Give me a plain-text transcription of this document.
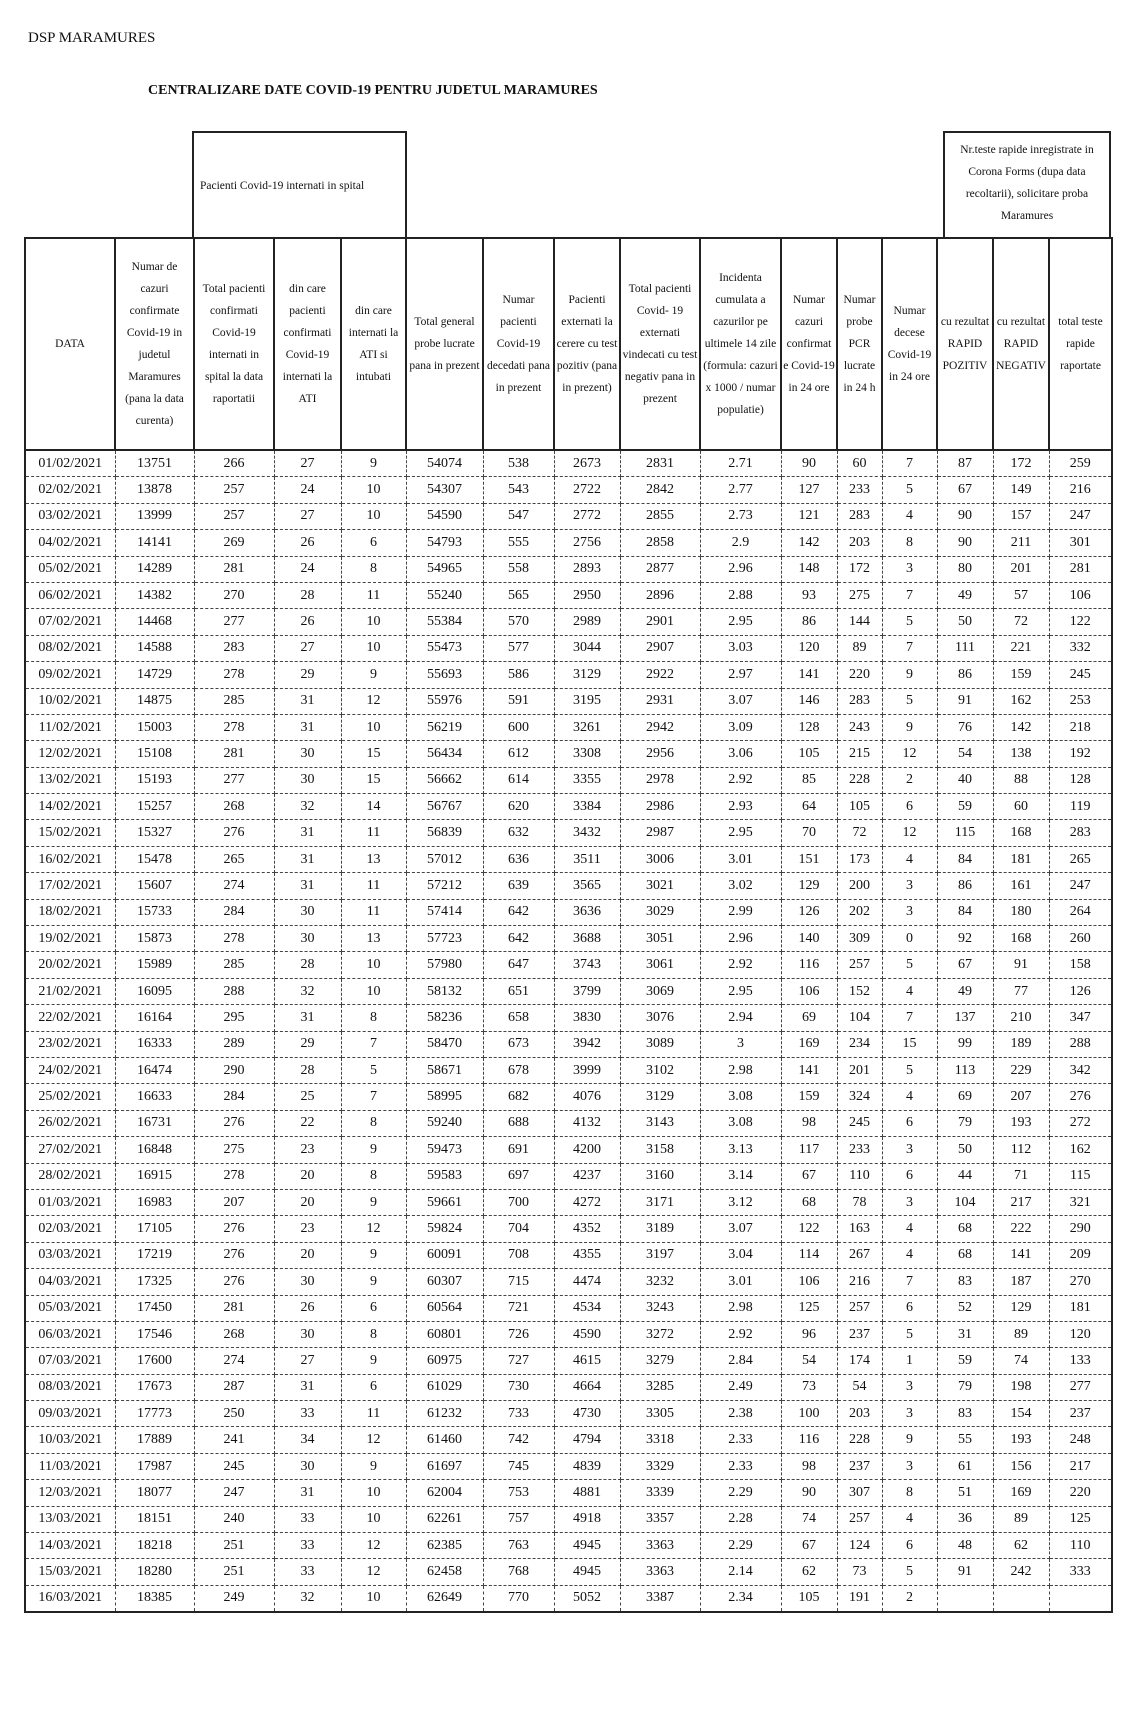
DSP MARAMURES
CENTRALIZARE DATE COVID-19 PENTRU JUDETUL MARAMURES
Pacienti Covid-19 internati in spital
Nr.teste rapide inregistrate in Corona Forms (dupa data recoltarii), solicitare proba Maramures
DATA	Numar de cazuri confirmate Covid-19 in judetul Maramures (pana la data curenta)	Total pacienti confirmati Covid-19 internati in spital la data raportatii	din care pacienti confirmati Covid-19 internati la ATI	din care internati la ATI si intubati	Total general probe lucrate pana in prezent	Numar pacienti Covid-19 decedati pana in prezent	Pacienti externati la cerere cu test pozitiv (pana in prezent)	Total pacienti Covid- 19 externati vindecati cu test negativ pana in prezent	Incidenta cumulata a cazurilor pe ultimele 14 zile (formula: cazuri x 1000 / numar populatie)	Numar cazuri confirmat e Covid-19 in 24 ore	Numar probe PCR lucrate in 24 h	Numar decese Covid-19 in 24 ore	cu rezultat RAPID POZITIV	cu rezultat RAPID NEGATIV	total teste rapide raportate
01/02/2021	13751	266	27	9	54074	538	2673	2831	2.71	90	60	7	87	172	259
02/02/2021	13878	257	24	10	54307	543	2722	2842	2.77	127	233	5	67	149	216
03/02/2021	13999	257	27	10	54590	547	2772	2855	2.73	121	283	4	90	157	247
04/02/2021	14141	269	26	6	54793	555	2756	2858	2.9	142	203	8	90	211	301
05/02/2021	14289	281	24	8	54965	558	2893	2877	2.96	148	172	3	80	201	281
06/02/2021	14382	270	28	11	55240	565	2950	2896	2.88	93	275	7	49	57	106
07/02/2021	14468	277	26	10	55384	570	2989	2901	2.95	86	144	5	50	72	122
08/02/2021	14588	283	27	10	55473	577	3044	2907	3.03	120	89	7	111	221	332
09/02/2021	14729	278	29	9	55693	586	3129	2922	2.97	141	220	9	86	159	245
10/02/2021	14875	285	31	12	55976	591	3195	2931	3.07	146	283	5	91	162	253
11/02/2021	15003	278	31	10	56219	600	3261	2942	3.09	128	243	9	76	142	218
12/02/2021	15108	281	30	15	56434	612	3308	2956	3.06	105	215	12	54	138	192
13/02/2021	15193	277	30	15	56662	614	3355	2978	2.92	85	228	2	40	88	128
14/02/2021	15257	268	32	14	56767	620	3384	2986	2.93	64	105	6	59	60	119
15/02/2021	15327	276	31	11	56839	632	3432	2987	2.95	70	72	12	115	168	283
16/02/2021	15478	265	31	13	57012	636	3511	3006	3.01	151	173	4	84	181	265
17/02/2021	15607	274	31	11	57212	639	3565	3021	3.02	129	200	3	86	161	247
18/02/2021	15733	284	30	11	57414	642	3636	3029	2.99	126	202	3	84	180	264
19/02/2021	15873	278	30	13	57723	642	3688	3051	2.96	140	309	0	92	168	260
20/02/2021	15989	285	28	10	57980	647	3743	3061	2.92	116	257	5	67	91	158
21/02/2021	16095	288	32	10	58132	651	3799	3069	2.95	106	152	4	49	77	126
22/02/2021	16164	295	31	8	58236	658	3830	3076	2.94	69	104	7	137	210	347
23/02/2021	16333	289	29	7	58470	673	3942	3089	3	169	234	15	99	189	288
24/02/2021	16474	290	28	5	58671	678	3999	3102	2.98	141	201	5	113	229	342
25/02/2021	16633	284	25	7	58995	682	4076	3129	3.08	159	324	4	69	207	276
26/02/2021	16731	276	22	8	59240	688	4132	3143	3.08	98	245	6	79	193	272
27/02/2021	16848	275	23	9	59473	691	4200	3158	3.13	117	233	3	50	112	162
28/02/2021	16915	278	20	8	59583	697	4237	3160	3.14	67	110	6	44	71	115
01/03/2021	16983	207	20	9	59661	700	4272	3171	3.12	68	78	3	104	217	321
02/03/2021	17105	276	23	12	59824	704	4352	3189	3.07	122	163	4	68	222	290
03/03/2021	17219	276	20	9	60091	708	4355	3197	3.04	114	267	4	68	141	209
04/03/2021	17325	276	30	9	60307	715	4474	3232	3.01	106	216	7	83	187	270
05/03/2021	17450	281	26	6	60564	721	4534	3243	2.98	125	257	6	52	129	181
06/03/2021	17546	268	30	8	60801	726	4590	3272	2.92	96	237	5	31	89	120
07/03/2021	17600	274	27	9	60975	727	4615	3279	2.84	54	174	1	59	74	133
08/03/2021	17673	287	31	6	61029	730	4664	3285	2.49	73	54	3	79	198	277
09/03/2021	17773	250	33	11	61232	733	4730	3305	2.38	100	203	3	83	154	237
10/03/2021	17889	241	34	12	61460	742	4794	3318	2.33	116	228	9	55	193	248
11/03/2021	17987	245	30	9	61697	745	4839	3329	2.33	98	237	3	61	156	217
12/03/2021	18077	247	31	10	62004	753	4881	3339	2.29	90	307	8	51	169	220
13/03/2021	18151	240	33	10	62261	757	4918	3357	2.28	74	257	4	36	89	125
14/03/2021	18218	251	33	12	62385	763	4945	3363	2.29	67	124	6	48	62	110
15/03/2021	18280	251	33	12	62458	768	4945	3363	2.14	62	73	5	91	242	333
16/03/2021	18385	249	32	10	62649	770	5052	3387	2.34	105	191	2			
